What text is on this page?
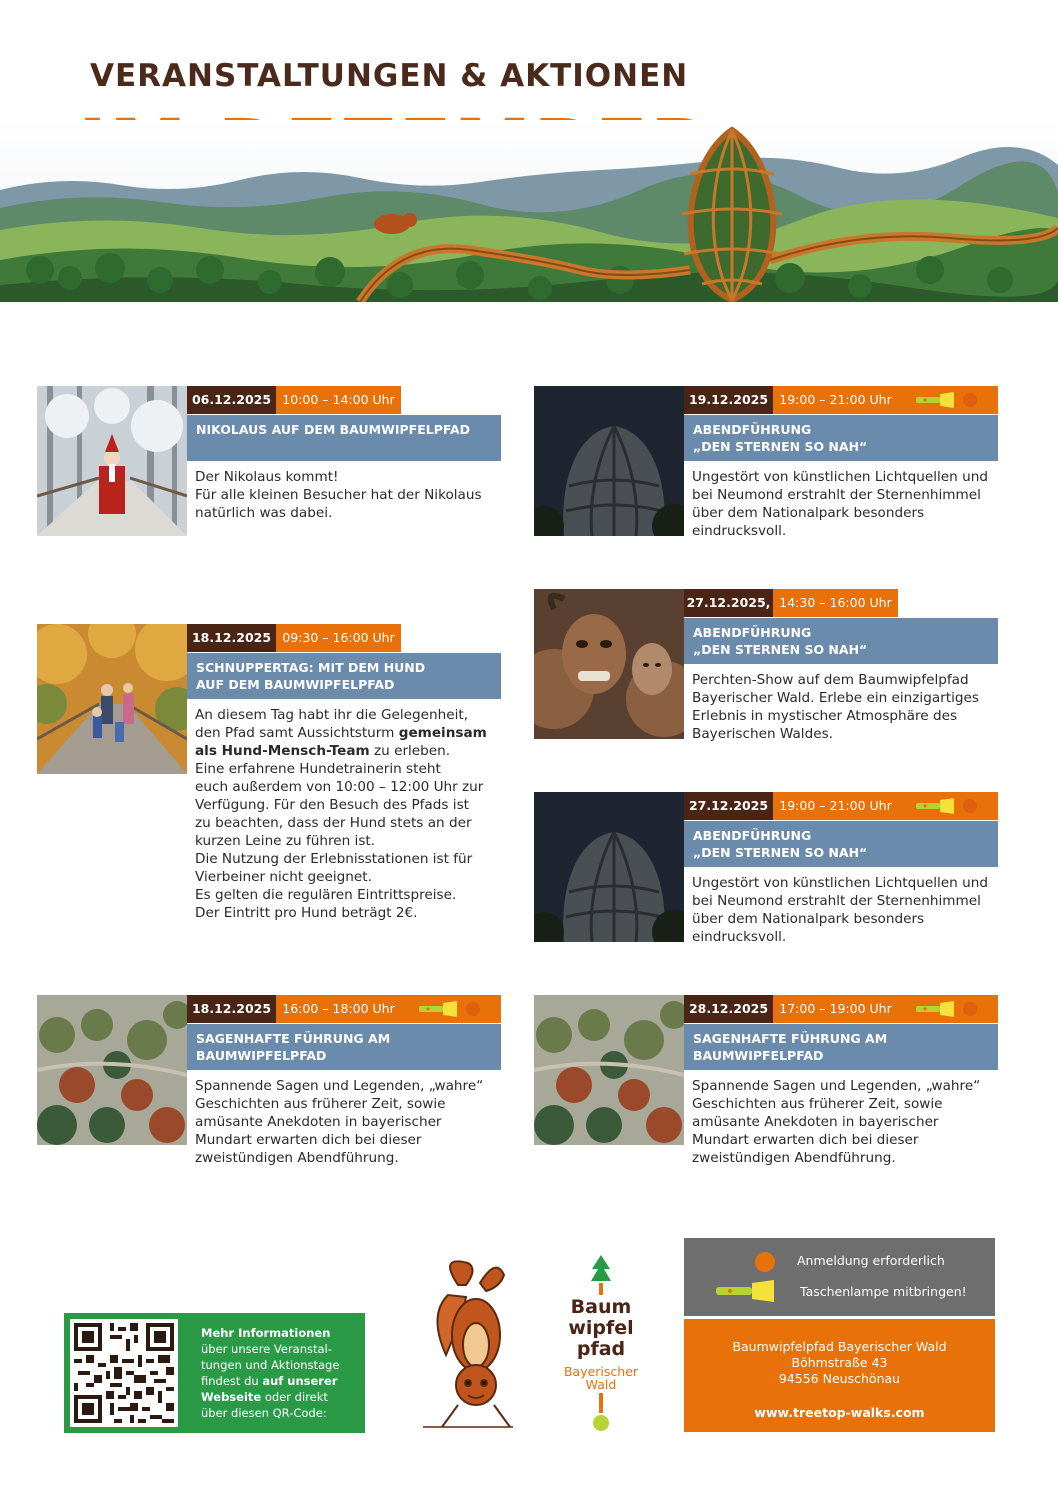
VERANSTALTUNGEN & AKTIONEN
06.12.2025 10:00 – 14:00 Uhr
NIKOLAUS AUF DEM BAUMWIPFELPFAD
Der Nikolaus kommt!
Für alle kleinen Besucher hat der Nikolaus
natürlich was dabei.
19.12.2025 19:00 – 21:00 Uhr
ABENDFÜHRUNG
„DEN STERNEN SO NAH“
Ungestört von künstlichen Lichtquellen und
bei Neumond erstrahlt der Sternenhimmel
über dem Nationalpark besonders
eindrucksvoll.
18.12.2025 09:30 – 16:00 Uhr
SCHNUPPERTAG: MIT DEM HUND
AUF DEM BAUMWIPFELPFAD
An diesem Tag habt ihr die Gelegenheit,
den Pfad samt Aussichtsturm gemeinsam
als Hund-Mensch-Team zu erleben.
Eine erfahrene Hundetrainerin steht
euch außerdem von 10:00 – 12:00 Uhr zur
Verfügung. Für den Besuch des Pfads ist
zu beachten, dass der Hund stets an der
kurzen Leine zu führen ist.
Die Nutzung der Erlebnisstationen ist für
Vierbeiner nicht geeignet.
Es gelten die regulären Eintrittspreise.
Der Eintritt pro Hund beträgt 2€.
27.12.2025, 14:30 – 16:00 Uhr
ABENDFÜHRUNG
„DEN STERNEN SO NAH“
Perchten-Show auf dem Baumwipfelpfad
Bayerischer Wald. Erlebe ein einzigartiges
Erlebnis in mystischer Atmosphäre des
Bayerischen Waldes.
27.12.2025 19:00 – 21:00 Uhr
ABENDFÜHRUNG
„DEN STERNEN SO NAH“
Ungestört von künstlichen Lichtquellen und
bei Neumond erstrahlt der Sternenhimmel
über dem Nationalpark besonders
eindrucksvoll.
18.12.2025 16:00 – 18:00 Uhr
SAGENHAFTE FÜHRUNG AM
BAUMWIPFELPFAD
Spannende Sagen und Legenden, „wahre“
Geschichten aus früherer Zeit, sowie
amüsante Anekdoten in bayerischer
Mundart erwarten dich bei dieser
zweistündigen Abendführung.
28.12.2025 17:00 – 19:00 Uhr
SAGENHAFTE FÜHRUNG AM
BAUMWIPFELPFAD
Spannende Sagen und Legenden, „wahre“
Geschichten aus früherer Zeit, sowie
amüsante Anekdoten in bayerischer
Mundart erwarten dich bei dieser
zweistündigen Abendführung.
Mehr Informationen
über unsere Veranstal-
tungen und Aktionstage
findest du auf unserer
Webseite oder direkt
über diesen QR-Code:
Baum
wipfel
pfad
Bayerischer
Wald
Anmeldung erforderlich
Taschenlampe mitbringen!
Baumwipfelpfad Bayerischer Wald
Böhmstraße 43
94556 Neuschönau
www.treetop-walks.com
